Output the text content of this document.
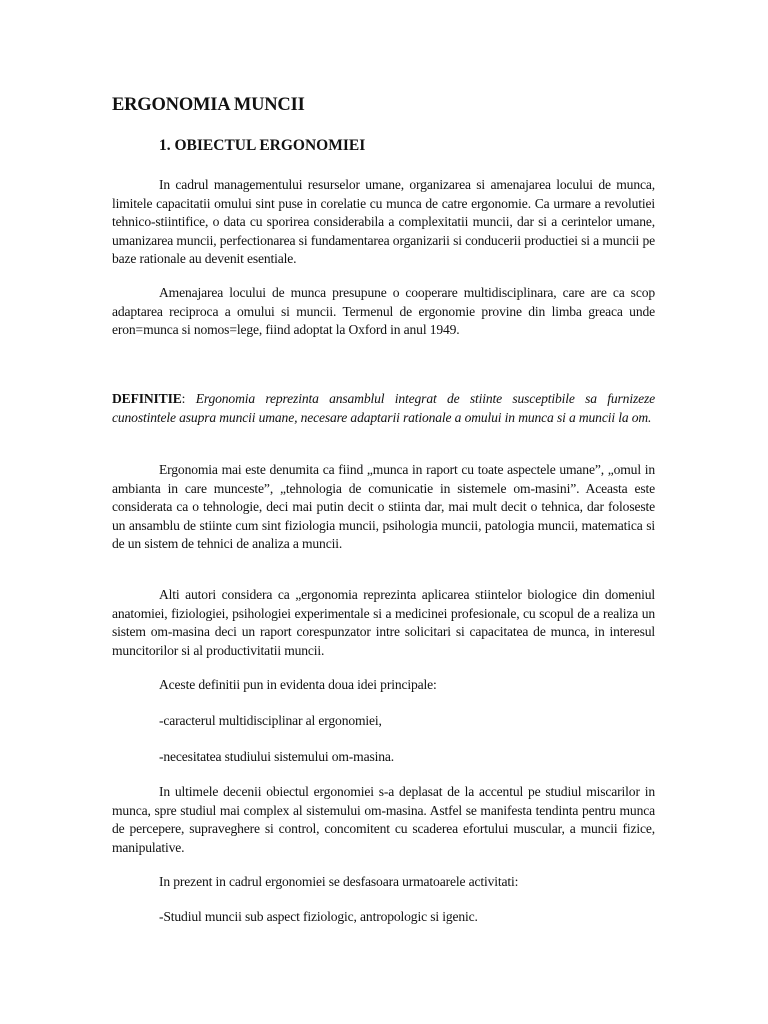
ERGONOMIA MUNCII
1. OBIECTUL ERGONOMIEI

In cadrul managementului resurselor umane, organizarea si amenajarea locului de munca, limitele capacitatii omului sint puse in corelatie cu munca de catre ergonomie. Ca urmare a revolutiei tehnico-stiintifice, o data cu sporirea considerabila a complexitatii muncii, dar si a cerintelor umane, umanizarea muncii, perfectionarea si fundamentarea organizarii si conducerii productiei si a muncii pe baze rationale au devenit esentiale.

Amenajarea locului de munca presupune o cooperare multidisciplinara, care are ca scop adaptarea reciproca a omului si muncii. Termenul de ergonomie provine din limba greaca unde eron=munca si nomos=lege, fiind adoptat la Oxford in anul 1949.

DEFINITIE: Ergonomia reprezinta ansamblul integrat de stiinte susceptibile sa furnizeze cunostintele asupra muncii umane, necesare adaptarii rationale a omului in munca si a muncii la om.

Ergonomia mai este denumita ca fiind „munca in raport cu toate aspectele umane”, „omul in ambianta in care munceste”, „tehnologia de comunicatie in sistemele om-masini”. Aceasta este considerata ca o tehnologie, deci mai putin decit o stiinta dar, mai mult decit o tehnica, dar foloseste un ansamblu de stiinte cum sint fiziologia muncii, psihologia muncii, patologia muncii, matematica si de un sistem de tehnici de analiza a muncii.

Alti autori considera ca „ergonomia reprezinta aplicarea stiintelor biologice din domeniul anatomiei, fiziologiei, psihologiei experimentale si a medicinei profesionale, cu scopul de a realiza un sistem om-masina deci un raport corespunzator intre solicitari si capacitatea de munca, in interesul muncitorilor si al productivitatii muncii.

Aceste definitii pun in evidenta doua idei principale:

-caracterul multidisciplinar al ergonomiei,

-necesitatea studiului sistemului om-masina.

In ultimele decenii obiectul ergonomiei s-a deplasat de la accentul pe studiul miscarilor in munca, spre studiul mai complex al sistemului om-masina. Astfel se manifesta tendinta pentru munca de percepere, supraveghere si control, concomitent cu scaderea efortului muscular, a muncii fizice, manipulative.

In prezent in cadrul ergonomiei se desfasoara urmatoarele activitati:

-Studiul muncii sub aspect fiziologic, antropologic si igenic.
